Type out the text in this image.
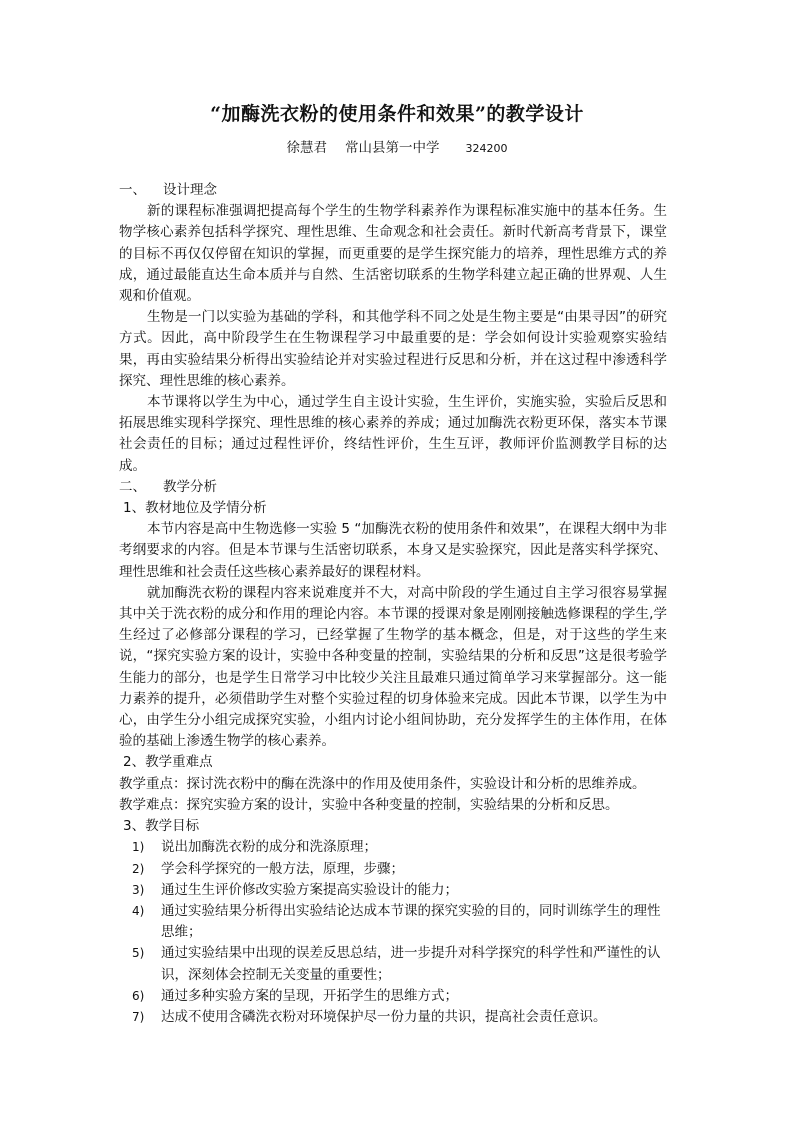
“加酶洗衣粉的使用条件和效果”的教学设计
徐慧君 常山县第一中学 324200

一、 设计理念

新的课程标准强调把提高每个学生的生物学科素养作为课程标准实施中的基本任务。生物学核心素养包括科学探究、理性思维、生命观念和社会责任。新时代新高考背景下，课堂的目标不再仅仅停留在知识的掌握，而更重要的是学生探究能力的培养，理性思维方式的养成，通过最能直达生命本质并与自然、生活密切联系的生物学科建立起正确的世界观、人生观和价值观。

生物是一门以实验为基础的学科，和其他学科不同之处是生物主要是“由果寻因”的研究方式。因此，高中阶段学生在生物课程学习中最重要的是：学会如何设计实验观察实验结果，再由实验结果分析得出实验结论并对实验过程进行反思和分析，并在这过程中渗透科学探究、理性思维的核心素养。

本节课将以学生为中心，通过学生自主设计实验，生生评价，实施实验，实验后反思和拓展思维实现科学探究、理性思维的核心素养的养成；通过加酶洗衣粉更环保，落实本节课社会责任的目标；通过过程性评价，终结性评价，生生互评，教师评价监测教学目标的达成。

二、 教学分析

1、教材地位及学情分析

本节内容是高中生物选修一实验 5 “加酶洗衣粉的使用条件和效果”，在课程大纲中为非考纲要求的内容。但是本节课与生活密切联系，本身又是实验探究，因此是落实科学探究、理性思维和社会责任这些核心素养最好的课程材料。

就加酶洗衣粉的课程内容来说难度并不大，对高中阶段的学生通过自主学习很容易掌握其中关于洗衣粉的成分和作用的理论内容。本节课的授课对象是刚刚接触选修课程的学生,学生经过了必修部分课程的学习，已经掌握了生物学的基本概念，但是，对于这些的学生来说，“探究实验方案的设计，实验中各种变量的控制，实验结果的分析和反思”这是很考验学生能力的部分，也是学生日常学习中比较少关注且最难只通过简单学习来掌握部分。这一能力素养的提升，必须借助学生对整个实验过程的切身体验来完成。因此本节课，以学生为中心，由学生分小组完成探究实验，小组内讨论小组间协助，充分发挥学生的主体作用，在体验的基础上渗透生物学的核心素养。

2、教学重难点

教学重点：探讨洗衣粉中的酶在洗涤中的作用及使用条件，实验设计和分析的思维养成。

教学难点：探究实验方案的设计，实验中各种变量的控制，实验结果的分析和反思。

3、教学目标

1) 说出加酶洗衣粉的成分和洗涤原理；
2) 学会科学探究的一般方法，原理，步骤；
3) 通过生生评价修改实验方案提高实验设计的能力；
4) 通过实验结果分析得出实验结论达成本节课的探究实验的目的，同时训练学生的理性思维；
5) 通过实验结果中出现的误差反思总结，进一步提升对科学探究的科学性和严谨性的认识，深刻体会控制无关变量的重要性；
6) 通过多种实验方案的呈现，开拓学生的思维方式；
7) 达成不使用含磷洗衣粉对环境保护尽一份力量的共识，提高社会责任意识。
